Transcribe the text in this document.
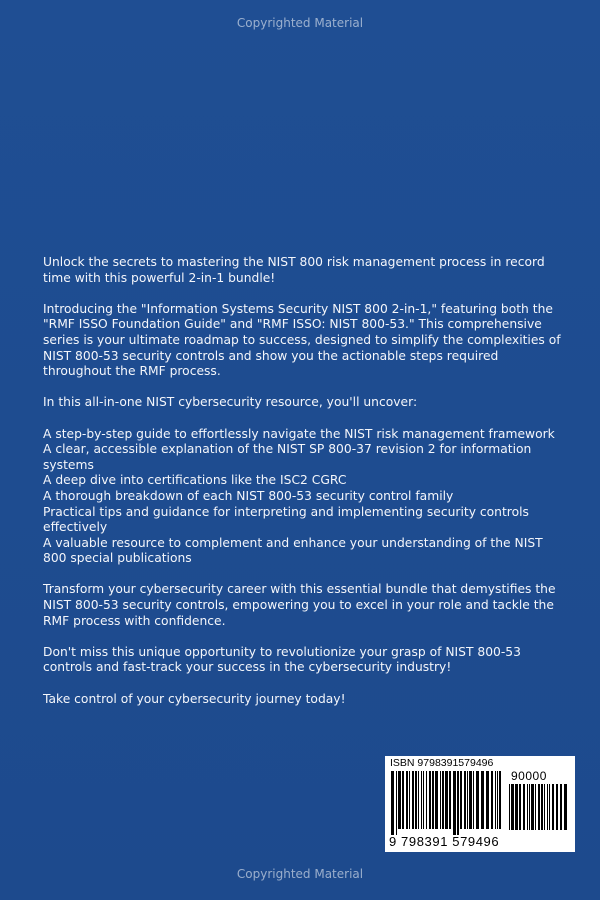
Copyrighted Material

Unlock the secrets to mastering the NIST 800 risk management process in record time with this powerful 2-in-1 bundle!

Introducing the "Information Systems Security NIST 800 2-in-1," featuring both the "RMF ISSO Foundation Guide" and "RMF ISSO: NIST 800-53." This comprehensive series is your ultimate roadmap to success, designed to simplify the complexities of NIST 800-53 security controls and show you the actionable steps required throughout the RMF process.

In this all-in-one NIST cybersecurity resource, you'll uncover:

A step-by-step guide to effortlessly navigate the NIST risk management framework
A clear, accessible explanation of the NIST SP 800-37 revision 2 for information systems
A deep dive into certifications like the ISC2 CGRC
A thorough breakdown of each NIST 800-53 security control family
Practical tips and guidance for interpreting and implementing security controls effectively
A valuable resource to complement and enhance your understanding of the NIST 800 special publications

Transform your cybersecurity career with this essential bundle that demystifies the NIST 800-53 security controls, empowering you to excel in your role and tackle the RMF process with confidence.

Don't miss this unique opportunity to revolutionize your grasp of NIST 800-53 controls and fast-track your success in the cybersecurity industry!

Take control of your cybersecurity journey today!

ISBN 9798391579496
90000
9 798391 579496
Copyrighted Material
